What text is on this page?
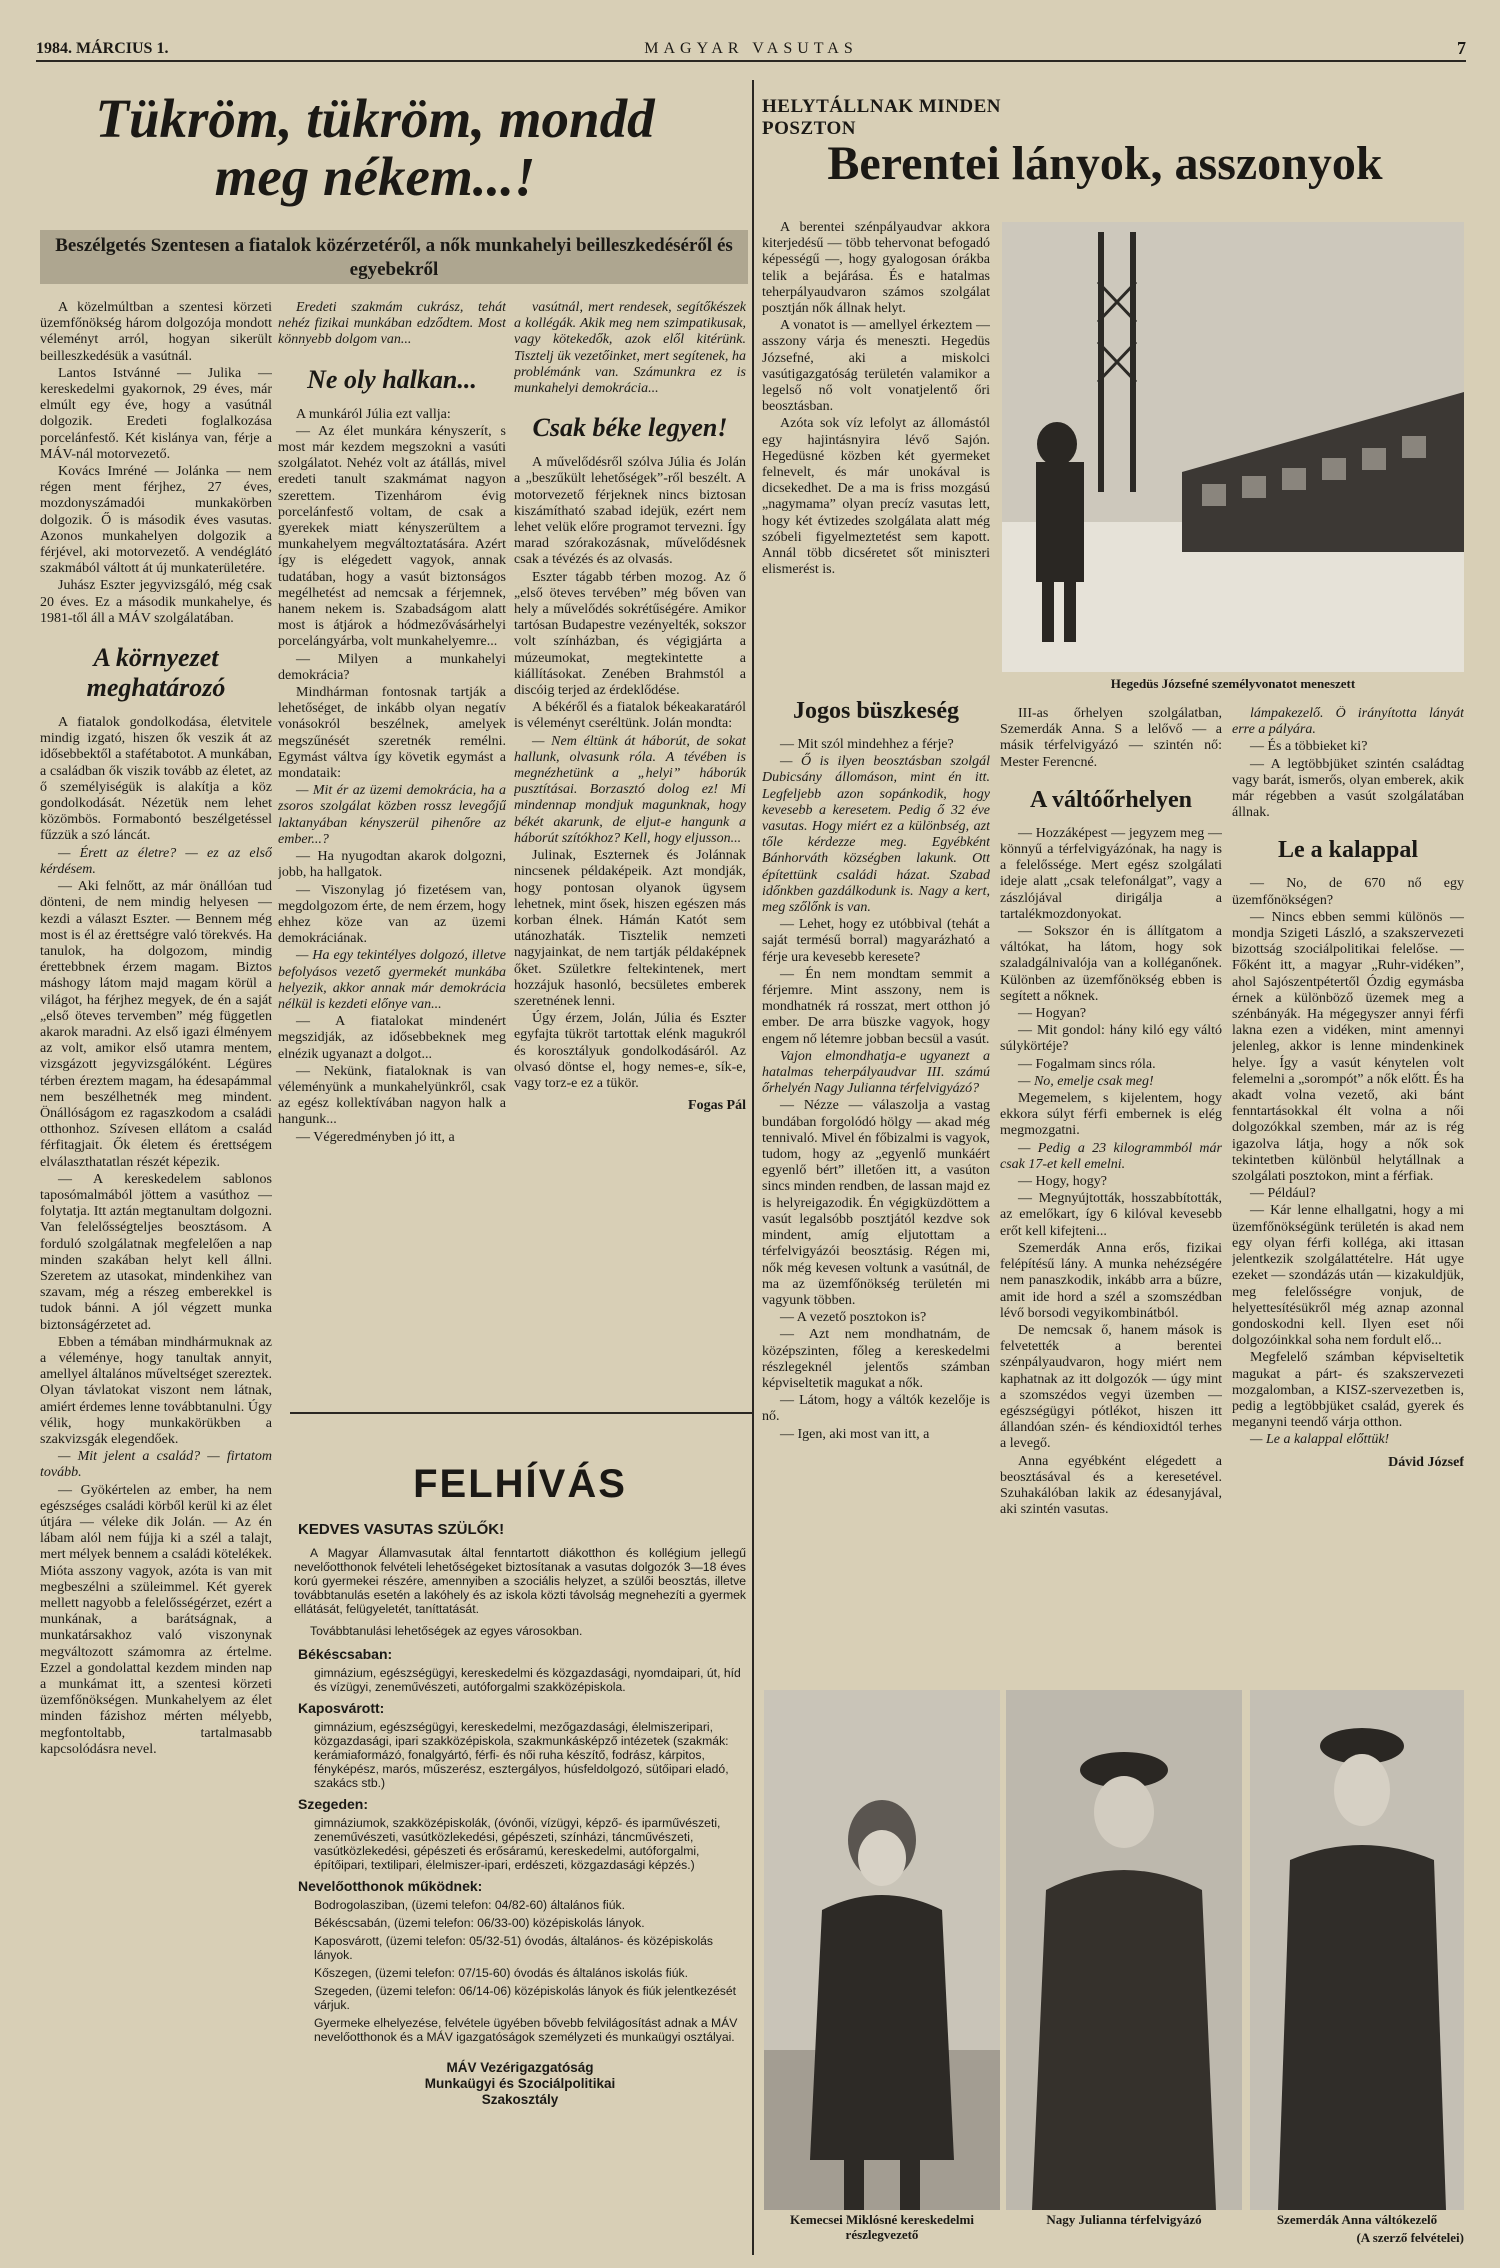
1984. MÁRCIUS 1.	MAGYAR VASUTAS	7
Tükröm, tükröm, mondd meg nékem...!
Beszélgetés Szentesen a fiatalok közérzetéről, a nők munkahelyi beilleszkedéséről és egyebekről

A közelmúltban a szentesi körzeti üzemfőnökség három dolgozója mondott véleményt arról, hogyan sikerült beilleszkedésük a vasútnál.

Lantos Istvánné — Julika — kereskedelmi gyakornok, 29 éves, már elmúlt egy éve, hogy a vasútnál dolgozik. Eredeti foglalkozása porcelánfestő. Két kislánya van, férje a MÁV-nál motorvezető.

Kovács Imréné — Jolánka — nem régen ment férjhez, 27 éves, mozdonyszámadói munkakörben dolgozik. Ő is második éves vasutas. Azonos munkahelyen dolgozik a férjével, aki motorvezető. A vendéglátó szakmából váltott át új munkaterületére.

Juhász Eszter jegyvizsgáló, még csak 20 éves. Ez a második munkahelye, és 1981-től áll a MÁV szolgálatában.

A környezet meghatározó

A fiatalok gondolkodása, életvitele mindig izgató, hiszen ők veszik át az idősebbektől a stafétabotot. A munkában, a családban ők viszik tovább az életet, az ő személyiségük is alakítja a köz gondolkodását. Nézetük nem lehet közömbös. Formabontó beszélgetéssel fűzzük a szó láncát.

— Érett az életre? — ez az első kérdésem.

— Aki felnőtt, az már önállóan tud dönteni, de nem mindig helyesen — kezdi a választ Eszter. — Bennem még most is él az érettségre való törekvés. Ha tanulok, ha dolgozom, mindig érettebbnek érzem magam. Biztos máshogy látom majd magam körül a világot, ha férjhez megyek, de én a saját „első öteves tervemben” még független akarok maradni. Az első igazi élményem az volt, amikor első utamra mentem, vizsgázott jegyvizsgálóként. Légüres térben éreztem magam, ha édesapámmal nem beszélhetnék meg mindent. Önállóságom ez ragaszkodom a családi otthonhoz. Szívesen ellátom a család férfitagjait. Ők életem és érettségem elválaszthatatlan részét képezik.

— A kereskedelem sablonos taposómalmából jöttem a vasúthoz — folytatja. Itt aztán megtanultam dolgozni. Van felelősségteljes beosztásom. A forduló szolgálatnak megfelelően a nap minden szakában helyt kell állni. Szeretem az utasokat, mindenkihez van szavam, még a részeg emberekkel is tudok bánni. A jól végzett munka biztonságérzetet ad.

Ebben a témában mindhármuknak az a véleménye, hogy tanultak annyit, amellyel általános műveltséget szereztek. Olyan távlatokat viszont nem látnak, amiért érdemes lenne továbbtanulni. Úgy vélik, hogy munkakörükben a szakvizsgák elegendőek.

— Mit jelent a család? — firtatom tovább.

— Gyökértelen az ember, ha nem egészséges családi körből kerül ki az élet útjára — véleke dik Jolán. — Az én lábam alól nem fújja ki a szél a talajt, mert mélyek bennem a családi kötelékek. Mióta asszony vagyok, azóta is van mit megbeszélni a szüleimmel. Két gyerek mellett nagyobb a felelősségérzet, ezért a munkának, a barátságnak, a munkatársakhoz való viszonynak megváltozott számomra az értelme. Ezzel a gondolattal kezdem minden nap a munkámat itt, a szentesi körzeti üzemfőnökségen. Munkahelyem az élet minden fázishoz mérten mélyebb, megfontoltabb, tartalmasabb kapcsolódásra nevel.

Eredeti szakmám cukrász, tehát nehéz fizikai munkában edződtem. Most könnyebb dolgom van...

Ne oly halkan...

A munkáról Júlia ezt vallja:

— Az élet munkára kényszerít, s most már kezdem megszokni a vasúti szolgálatot. Nehéz volt az átállás, mivel eredeti tanult szakmámat nagyon szerettem. Tizenhárom évig porcelánfestő voltam, de csak a gyerekek miatt kényszerültem a munkahelyem megváltoztatására. Azért így is elégedett vagyok, annak tudatában, hogy a vasút biztonságos megélhetést ad nemcsak a férjemnek, hanem nekem is. Szabadságom alatt most is átjárok a hódmezővásárhelyi porcelángyárba, volt munkahelyemre...

— Milyen a munkahelyi demokrácia?

Mindhárman fontosnak tartják a lehetőséget, de inkább olyan negatív vonásokról beszélnek, amelyek megszűnését szeretnék remélni. Egymást váltva így követik egymást a mondataik:

— Mit ér az üzemi demokrácia, ha a zsoros szolgálat közben rossz levegőjű laktanyában kényszerül pihenőre az ember...?

— Ha nyugodtan akarok dolgozni, jobb, ha hallgatok.

— Viszonylag jó fizetésem van, megdolgozom érte, de nem érzem, hogy ehhez köze van az üzemi demokráciának.

— Ha egy tekintélyes dolgozó, illetve befolyásos vezető gyermekét munkába helyezik, akkor annak már demokrácia nélkül is kezdeti előnye van...

— A fiatalokat mindenért megszidják, az idősebbeknek meg elnézik ugyanazt a dolgot...

— Nekünk, fiataloknak is van véleményünk a munkahelyünkről, csak az egész kollektívában nagyon halk a hangunk...

— Végeredményben jó itt, a

vasútnál, mert rendesek, segítőkészek a kollégák. Akik meg nem szimpatikusak, vagy kötekedők, azok elől kitérünk. Tisztelj ük vezetőinket, mert segítenek, ha problémánk van. Számunkra ez is munkahelyi demokrácia...

Csak béke legyen!

A művelődésről szólva Júlia és Jolán a „beszűkült lehetőségek”-ről beszélt. A motorvezető férjeknek nincs biztosan kiszámítható szabad idejük, ezért nem lehet velük előre programot tervezni. Így marad szórakozásnak, művelődésnek csak a tévézés és az olvasás.

Eszter tágabb térben mozog. Az ő „első öteves tervében” még bőven van hely a művelődés sokrétűségére. Amikor tartósan Budapestre vezényelték, sokszor volt színházban, és végigjárta a múzeumokat, megtekintette a kiállításokat. Zenében Brahmstól a discóig terjed az érdeklődése.

A békéről és a fiatalok békeakaratáról is véleményt cseréltünk. Jolán mondta:

— Nem éltünk át háborút, de sokat hallunk, olvasunk róla. A tévében is megnézhetünk a „helyi” háborúk pusztításai. Borzasztó dolog ez! Mi mindennap mondjuk magunknak, hogy békét akarunk, de eljut-e hangunk a háborút szítókhoz? Kell, hogy eljusson...

Julinak, Eszternek és Jolánnak nincsenek példaképeik. Azt mondják, hogy pontosan olyanok ügysem lehetnek, mint ősek, hiszen egészen más korban élnek. Hámán Katót sem utánozhaták. Tisztelik nemzeti nagyjainkat, de nem tartják példaképnek őket. Születkre feltekintenek, mert hozzájuk hasonló, becsületes emberek szeretnének lenni.

Úgy érzem, Jolán, Júlia és Eszter egyfajta tükröt tartottak elénk magukról és korosztályuk gondolkodásáról. Az olvasó döntse el, hogy nemes-e, sík-e, vagy torz-e ez a tükör.

Fogas Pál

FELHÍVÁS
KEDVES VASUTAS SZÜLŐK!
A Magyar Államvasutak által fenntartott diákotthon és kollégium jellegű nevelőotthonok felvételi lehetőségeket biztosítanak a vasutas dolgozók 3—18 éves korú gyermekei részére, amennyiben a szociális helyzet, a szülői beosztás, illetve továbbtanulás esetén a lakóhely és az iskola közti távolság megnehezíti a gyermek ellátását, felügyeletét, taníttatását.
Továbbtanulási lehetőségek az egyes városokban.
Békéscsaban:
gimnázium, egészségügyi, kereskedelmi és közgazdasági, nyomdaipari, út, híd és vízügyi, zeneművészeti, autóforgalmi szakközépiskola.
Kaposvárott:
gimnázium, egészségügyi, kereskedelmi, mezőgazdasági, élelmiszeripari, közgazdasági, ipari szakközépiskola, szakmunkásképző intézetek (szakmák: kerámiaformázó, fonalgyártó, férfi- és női ruha készítő, fodrász, kárpitos, fényképész, marós, műszerész, esztergályos, húsfeldolgozó, sütőipari eladó, szakács stb.)
Szegeden:
gimnáziumok, szakközépiskolák, (óvónői, vízügyi, képző- és iparművészeti, zeneművészeti, vasútközlekedési, gépészeti, színházi, táncművészeti, vasútközlekedési, gépészeti és erősáramú, kereskedelmi, autóforgalmi, építőipari, textilipari, élelmiszer-ipari, erdészeti, közgazdasági képzés.)
Nevelőotthonok működnek:
Bodrogolasziban, (üzemi telefon: 04/82-60) általános fiúk.
Békéscsabán, (üzemi telefon: 06/33-00) középiskolás lányok.
Kaposvárott, (üzemi telefon: 05/32-51) óvodás, általános- és középiskolás lányok.
Kőszegen, (üzemi telefon: 07/15-60) óvodás és általános iskolás fiúk.
Szegeden, (üzemi telefon: 06/14-06) középiskolás lányok és fiúk jelentkezését várjuk.
Gyermeke elhelyezése, felvétele ügyében bővebb felvilágosítást adnak a MÁV nevelőotthonok és a MÁV igazgatóságok személyzeti és munkaügyi osztályai.
MÁV Vezérigazgatóság
Munkaügyi és Szociálpolitikai
Szakosztály
HELYTÁLLNAK MINDEN POSZTON
Berentei lányok, asszonyok

A berentei szénpályaudvar akkora kiterjedésű — több tehervonat befogadó képességű —, hogy gyalogosan órákba telik a bejárása. És e hatalmas teherpályaudvaron számos szolgálat posztján nők állnak helyt.

A vonatot is — amellyel érkeztem — asszony várja és meneszti. Hegedüs Józsefné, aki a miskolci vasútigazgatóság területén valamikor a legelső nő volt vonatjelentő őri beosztásban.

Azóta sok víz lefolyt az állomástól egy hajintásnyira lévő Sajón. Hegedüsné közben két gyermeket felnevelt, és már unokával is dicsekedhet. De a ma is friss mozgású „nagymama” olyan precíz vasutas lett, hogy két évtizedes szolgálata alatt még szóbeli figyelmeztetést sem kapott. Annál több dicséretet sőt miniszteri elismerést is.

Hegedüs Józsefné személyvonatot meneszett

Jogos büszkeség

— Mit szól mindehhez a férje?

— Ő is ilyen beosztásban szolgál Dubicsány állomáson, mint én itt. Legfeljebb azon sopánkodik, hogy kevesebb a keresetem. Pedig ő 32 éve vasutas. Hogy miért ez a különbség, azt tőle kérdezze meg. Egyébként Bánhorváth községben lakunk. Ott építettünk családi házat. Szabad időnkben gazdálkodunk is. Nagy a kert, meg szőlőnk is van.

— Lehet, hogy ez utóbbival (tehát a saját termésű borral) magyarázható a férje ura kevesebb keresete?

— Én nem mondtam semmit a férjemre. Mint asszony, nem is mondhatnék rá rosszat, mert otthon jó ember. De arra büszke vagyok, hogy engem nő létemre jobban becsül a vasút.

Vajon elmondhatja-e ugyanezt a hatalmas teherpályaudvar III. számú őrhelyén Nagy Julianna térfelvigyázó?

— Nézze — válaszolja a vastag bundában forgolódó hölgy — akad még tennivaló. Mivel én főbizalmi is vagyok, tudom, hogy az „egyenlő munkáért egyenlő bért” illetően itt, a vasúton sincs minden rendben, de lassan majd ez is helyreigazodik. Én végigküzdöttem a vasút legalsóbb posztjától kezdve sok mindent, amíg eljutottam a térfelvigyázói beosztásig. Régen mi, nők még kevesen voltunk a vasútnál, de ma az üzemfőnökség területén mi vagyunk többen.

— A vezető posztokon is?

— Azt nem mondhatnám, de középszinten, főleg a kereskedelmi részlegeknél jelentős számban képviseltetik magukat a nők.

— Látom, hogy a váltók kezelője is nő.

— Igen, aki most van itt, a

III-as őrhelyen szolgálatban, Szemerdák Anna. S a lelővő — a másik térfelvigyázó — szintén nő: Mester Ferencné.

A váltóőrhelyen

— Hozzáképest — jegyzem meg — könnyű a térfelvigyázónak, ha nagy is a felelőssége. Mert egész szolgálati ideje alatt „csak telefonálgat”, vagy a zászlójával dirigálja a tartalékmozdonyokat.

— Sokszor én is állítgatom a váltókat, ha látom, hogy sok szaladgálnivalója van a kolléganőnek. Különben az üzemfőnökség ebben is segített a nőknek.

— Hogyan?

— Mit gondol: hány kiló egy váltó súlykörtéje?

— Fogalmam sincs róla.

— No, emelje csak meg!

Megemelem, s kijelentem, hogy ekkora súlyt férfi embernek is elég megmozgatni.

— Pedig a 23 kilogrammból már csak 17-et kell emelni.

— Hogy, hogy?

— Megnyújtották, hosszabbították, az emelőkart, így 6 kilóval kevesebb erőt kell kifejteni...

Szemerdák Anna erős, fizikai felépítésű lány. A munka nehézségére nem panaszkodik, inkább arra a bűzre, amit ide hord a szél a szomszédban lévő borsodi vegyikombinátból.

De nemcsak ő, hanem mások is felvetették a berentei szénpályaudvaron, hogy miért nem kaphatnak az itt dolgozók — úgy mint a szomszédos vegyi üzemben — egészségügyi pótlékot, hiszen itt állandóan szén- és kéndioxidtól terhes a levegő.

Anna egyébként elégedett a beosztásával és a keresetével. Szuhakálóban lakik az édesanyjával, aki szintén vasutas.

lámpakezelő. Ő irányította lányát erre a pályára.

— És a többieket ki?

— A legtöbbjüket szintén családtag vagy barát, ismerős, olyan emberek, akik már régebben a vasút szolgálatában állnak.

Le a kalappal

— No, de 670 nő egy üzemfőnökségen?

— Nincs ebben semmi különös — mondja Szigeti László, a szakszervezeti bizottság szociálpolitikai felelőse. — Főként itt, a magyar „Ruhr-vidéken”, ahol Sajószentpétertől Ózdig egymásba érnek a különböző üzemek meg a szénbányák. Ha mégegyszer annyi férfi lakna ezen a vidéken, mint amennyi jelenleg, akkor is lenne mindenkinek helye. Így a vasút kénytelen volt felemelni a „sorompót” a nők előtt. És ha akadt volna vezető, aki bánt fenntartásokkal élt volna a női dolgozókkal szemben, már az is rég igazolva látja, hogy a nők sok tekintetben különbül helytállnak a szolgálati posztokon, mint a férfiak.

— Például?

— Kár lenne elhallgatni, hogy a mi üzemfőnökségünk területén is akad nem egy olyan férfi kolléga, aki ittasan jelentkezik szolgálattételre. Hát ugye ezeket — szondázás után — kizakuldjük, meg felelősségre vonjuk, de helyettesítésükről még aznap azonnal gondoskodni kell. Ilyen eset női dolgozóinkkal soha nem fordult elő...

Megfelelő számban képviseltetik magukat a párt- és szakszervezeti mozgalomban, a KISZ-szervezetben is, pedig a legtöbbjüket család, gyerek és meganyni teendő várja otthon.

— Le a kalappal előttük!

Dávid József

Kemecsei Miklósné kereskedelmi részlegvezető
Nagy Julianna térfelvigyázó	Szemerdák Anna váltókezelő
(A szerző felvételei)
